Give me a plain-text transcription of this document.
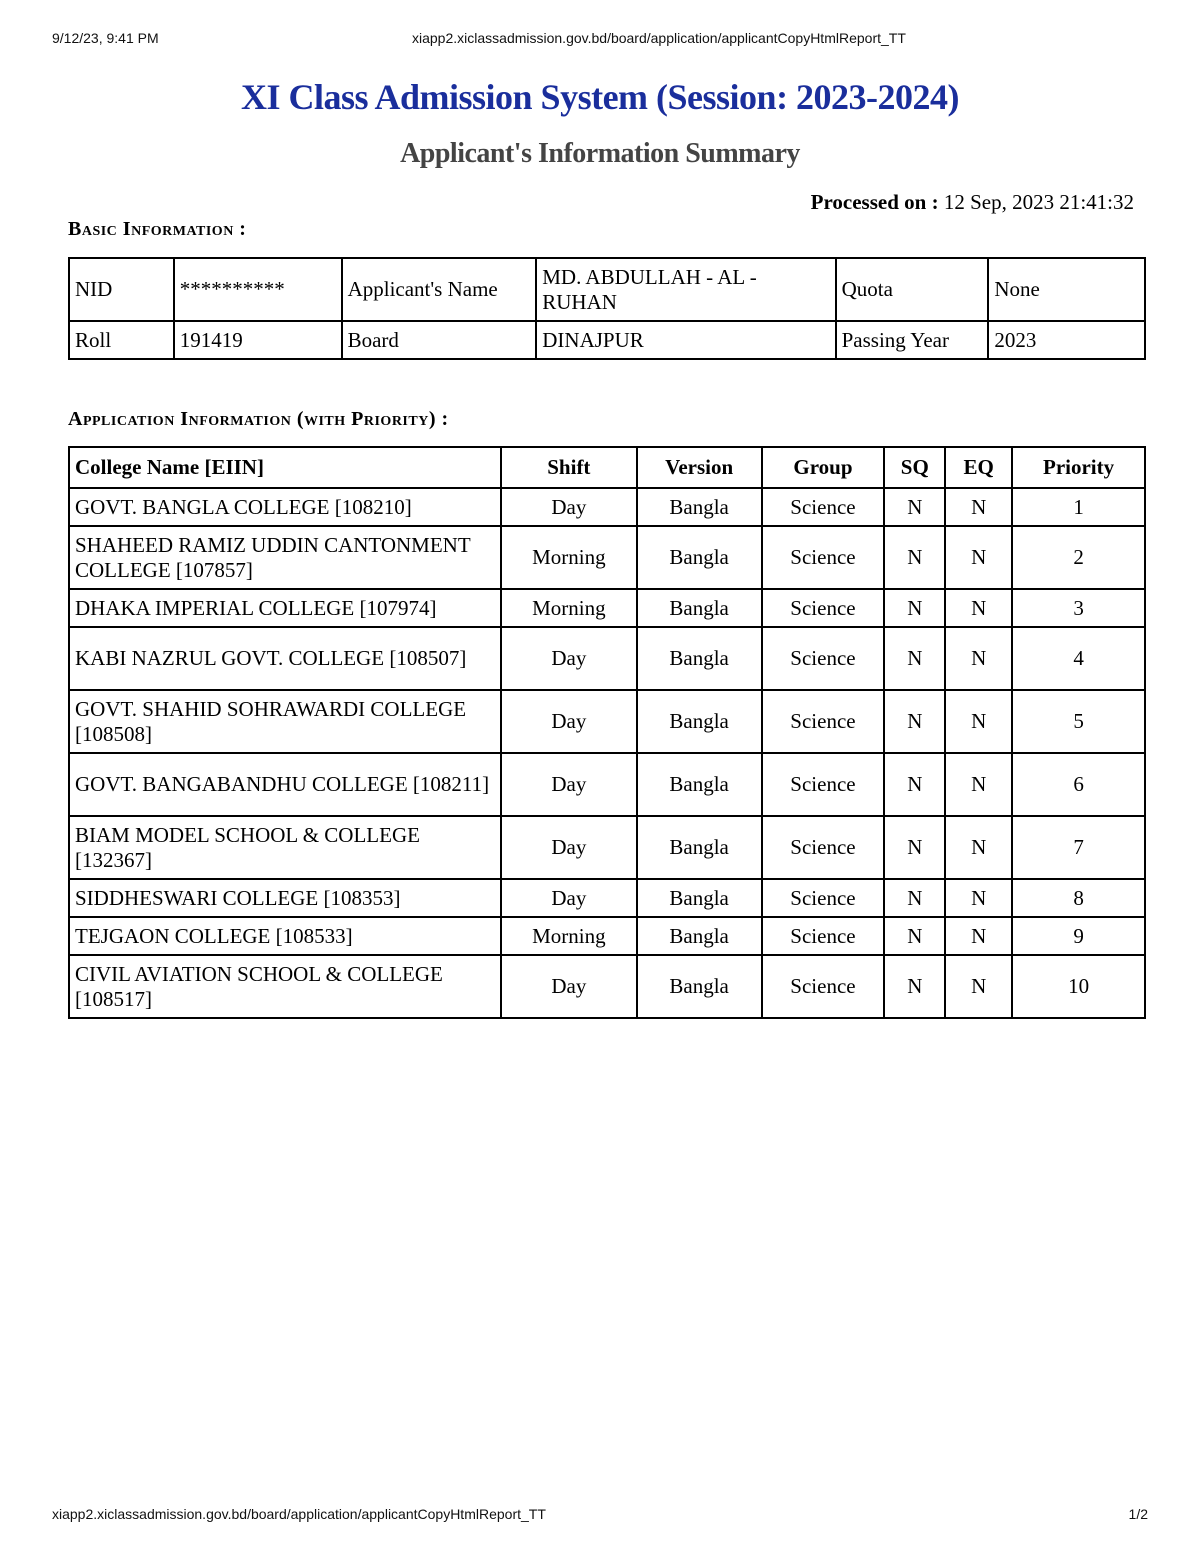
9/12/23, 9:41 PM	xiapp2.xiclassadmission.gov.bd/board/application/applicantCopyHtmlReport_TT
XI Class Admission System (Session: 2023-2024)
Applicant's Information Summary
Processed on : 12 Sep, 2023 21:41:32
Basic Information :
NID	**********	Applicant's Name	MD. ABDULLAH - AL - RUHAN	Quota	None
Roll	191419	Board	DINAJPUR	Passing Year	2023
Application Information (with Priority) :
College Name [EIIN]	Shift	Version	Group	SQ	EQ	Priority
GOVT. BANGLA COLLEGE [108210]	Day	Bangla	Science	N	N	1
SHAHEED RAMIZ UDDIN CANTONMENT COLLEGE [107857]	Morning	Bangla	Science	N	N	2
DHAKA IMPERIAL COLLEGE [107974]	Morning	Bangla	Science	N	N	3
KABI NAZRUL GOVT. COLLEGE [108507]	Day	Bangla	Science	N	N	4
GOVT. SHAHID SOHRAWARDI COLLEGE [108508]	Day	Bangla	Science	N	N	5
GOVT. BANGABANDHU COLLEGE [108211]	Day	Bangla	Science	N	N	6
BIAM MODEL SCHOOL & COLLEGE [132367]	Day	Bangla	Science	N	N	7
SIDDHESWARI COLLEGE [108353]	Day	Bangla	Science	N	N	8
TEJGAON COLLEGE [108533]	Morning	Bangla	Science	N	N	9
CIVIL AVIATION SCHOOL & COLLEGE [108517]	Day	Bangla	Science	N	N	10
xiapp2.xiclassadmission.gov.bd/board/application/applicantCopyHtmlReport_TT	1/2
